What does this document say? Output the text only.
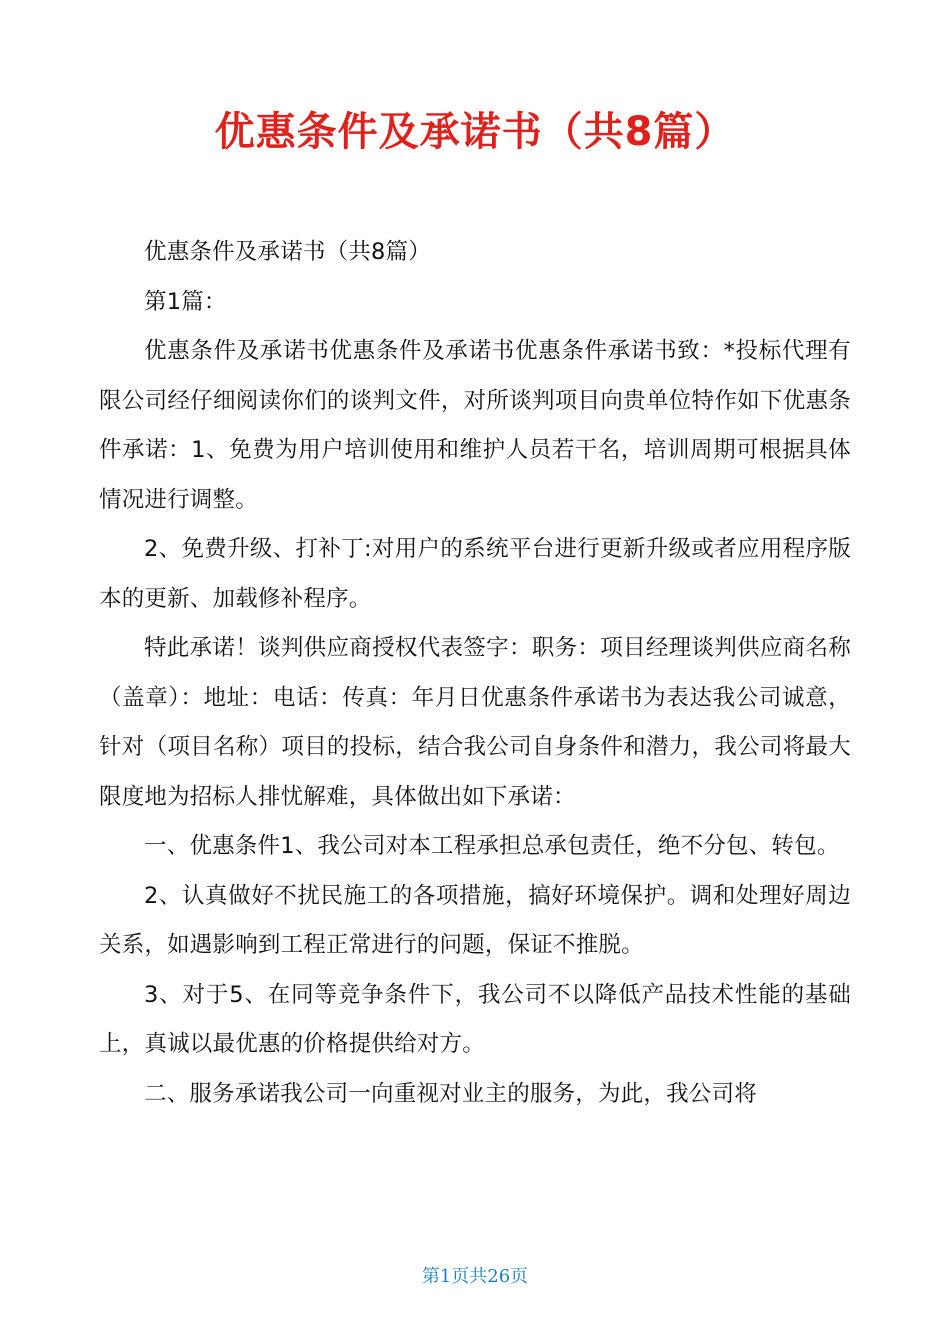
优惠条件及承诺书（共8篇）

优惠条件及承诺书（共8篇）

第1篇：

优惠条件及承诺书优惠条件及承诺书优惠条件承诺书致：*投标代理有限公司经仔细阅读你们的谈判文件，对所谈判项目向贵单位特作如下优惠条件承诺：1、免费为用户培训使用和维护人员若干名，培训周期可根据具体情况进行调整。

2、免费升级、打补丁:对用户的系统平台进行更新升级或者应用程序版本的更新、加载修补程序。

特此承诺！谈判供应商授权代表签字：职务：项目经理谈判供应商名称（盖章）：地址：电话：传真：年月日优惠条件承诺书为表达我公司诚意，针对（项目名称）项目的投标，结合我公司自身条件和潜力，我公司将最大限度地为招标人排忧解难，具体做出如下承诺：

一、优惠条件1、我公司对本工程承担总承包责任，绝不分包、转包。

2、认真做好不扰民施工的各项措施，搞好环境保护。调和处理好周边关系，如遇影响到工程正常进行的问题，保证不推脱。

3、对于5、在同等竞争条件下，我公司不以降低产品技术性能的基础上，真诚以最优惠的价格提供给对方。

二、服务承诺我公司一向重视对业主的服务，为此，我公司将

第1页共26页
